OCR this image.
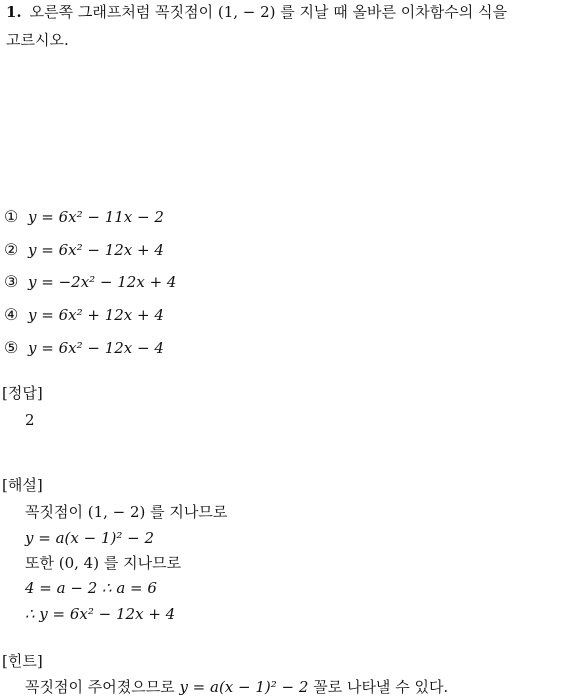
1. 오른쪽 그래프처럼 꼭짓점이 (1, − 2) 를 지날 때 올바른 이차함수의 식을
고르시오.
① y = 6x² − 11x − 2
② y = 6x² − 12x + 4
③ y = −2x² − 12x + 4
④ y = 6x² + 12x + 4
⑤ y = 6x² − 12x − 4
[정답]
2
[해설]
꼭짓점이 (1, − 2) 를 지나므로
y = a(x − 1)² − 2
또한 (0, 4) 를 지나므로
4 = a − 2 ∴ a = 6
∴ y = 6x² − 12x + 4
[힌트]
꼭짓점이 주어졌으므로 y = a(x − 1)² − 2 꼴로 나타낼 수 있다.
